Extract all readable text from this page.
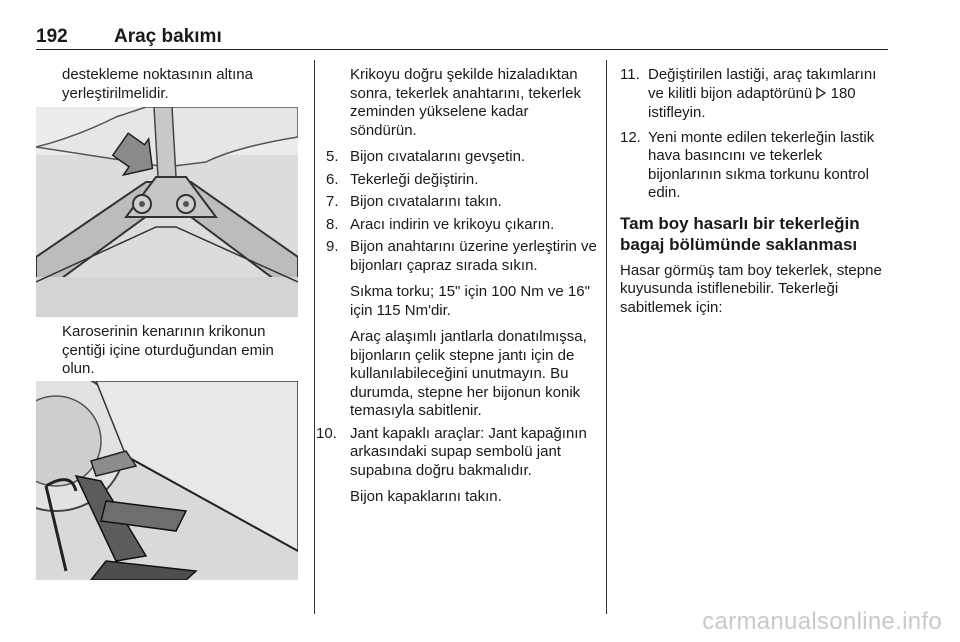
192 Araç bakımı

destekleme noktasının altına yerleştirilmelidir.

Karoserinin kenarının krikonun çentiği içine oturduğundan emin olun.

Krikoyu doğru şekilde hizaladıktan sonra, tekerlek anahtarını, tekerlek zeminden yükselene kadar söndürün.

5. Bijon cıvatalarını gevşetin.
6. Tekerleği değiştirin.
7. Bijon cıvatalarını takın.
8. Aracı indirin ve krikoyu çıkarın.
9. Bijon anahtarını üzerine yerleştirin ve bijonları çapraz sırada sıkın.

Sıkma torku; 15" için 100 Nm ve 16" için 115 Nm'dir.

Araç alaşımlı jantlarla donatılmışsa, bijonların çelik stepne jantı için de kullanılabileceğini unutmayın. Bu durumda, stepne her bijonun konik temasıyla sabitlenir.

10. Jant kapaklı araçlar: Jant kapağının arkasındaki supap sembolü jant supabına doğru bakmalıdır.

Bijon kapaklarını takın.

11. Değiştirilen lastiği, araç takımlarını ve kilitli bijon adaptörünü 180 istifleyin.
12. Yeni monte edilen tekerleğin lastik hava basıncını ve tekerlek bijonlarının sıkma torkunu kontrol edin.
Tam boy hasarlı bir tekerleğin bagaj bölümünde saklanması

Hasar görmüş tam boy tekerlek, stepne kuyusunda istiflenebilir. Tekerleği sabitlemek için:

carmanualsonline.info
